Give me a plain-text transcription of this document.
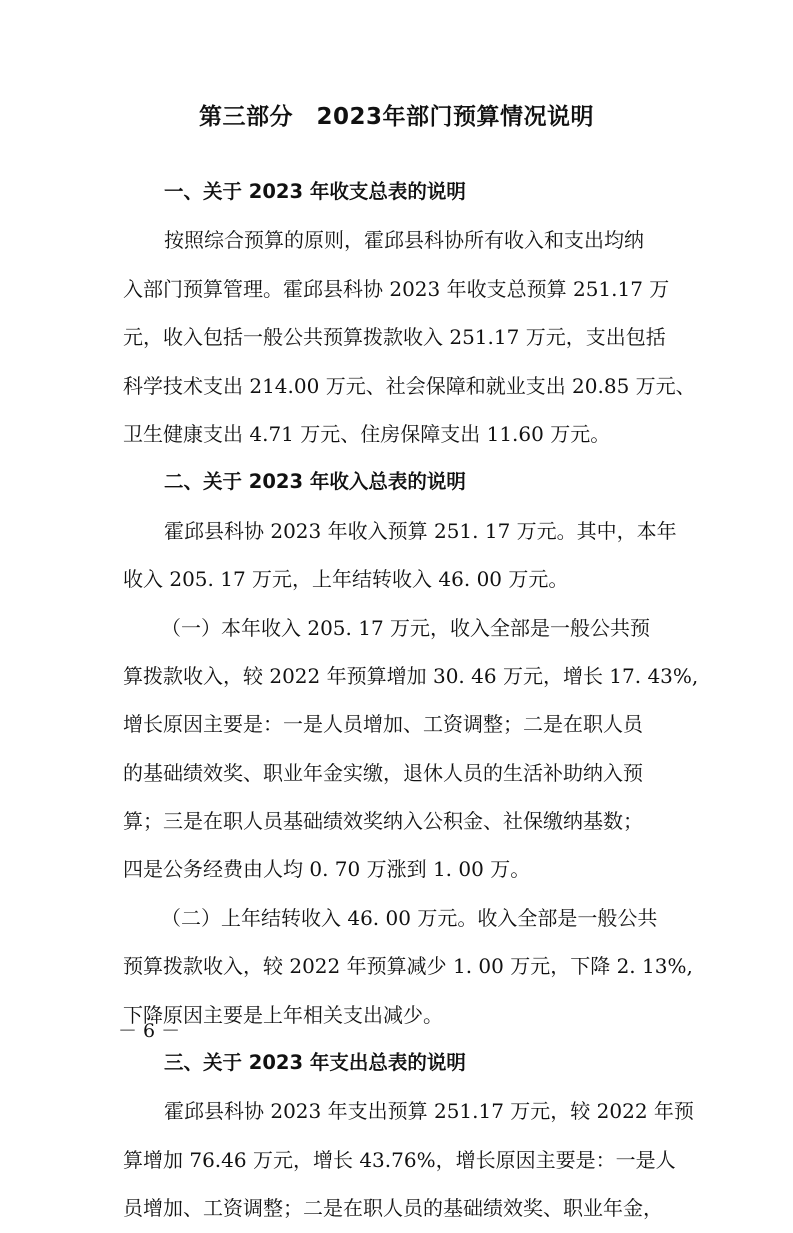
第三部分　2023年部门预算情况说明
一、关于 2023 年收支总表的说明
按照综合预算的原则，霍邱县科协所有收入和支出均纳
入部门预算管理。霍邱县科协 2023 年收支总预算 251.17 万
元，收入包括一般公共预算拨款收入 251.17 万元，支出包括
科学技术支出 214.00 万元、社会保障和就业支出 20.85 万元、
卫生健康支出 4.71 万元、住房保障支出 11.60 万元。
二、关于 2023 年收入总表的说明
霍邱县科协 2023 年收入预算 251. 17 万元。其中，本年
收入 205. 17 万元，上年结转收入 46. 00 万元。
（一）本年收入 205. 17 万元，收入全部是一般公共预
算拨款收入，较 2022 年预算增加 30. 46 万元，增长 17. 43%,
增长原因主要是：一是人员增加、工资调整；二是在职人员
的基础绩效奖、职业年金实缴，退休人员的生活补助纳入预
算；三是在职人员基础绩效奖纳入公积金、社保缴纳基数；
四是公务经费由人均 0. 70 万涨到 1. 00 万。
（二）上年结转收入 46. 00 万元。收入全部是一般公共
预算拨款收入，较 2022 年预算减少 1. 00 万元，下降 2. 13%,
下降原因主要是上年相关支出减少。
三、关于 2023 年支出总表的说明
霍邱县科协 2023 年支出预算 251.17 万元，较 2022 年预
算增加 76.46 万元，增长 43.76%，增长原因主要是：一是人
员增加、工资调整；二是在职人员的基础绩效奖、职业年金，
－ 6 －
